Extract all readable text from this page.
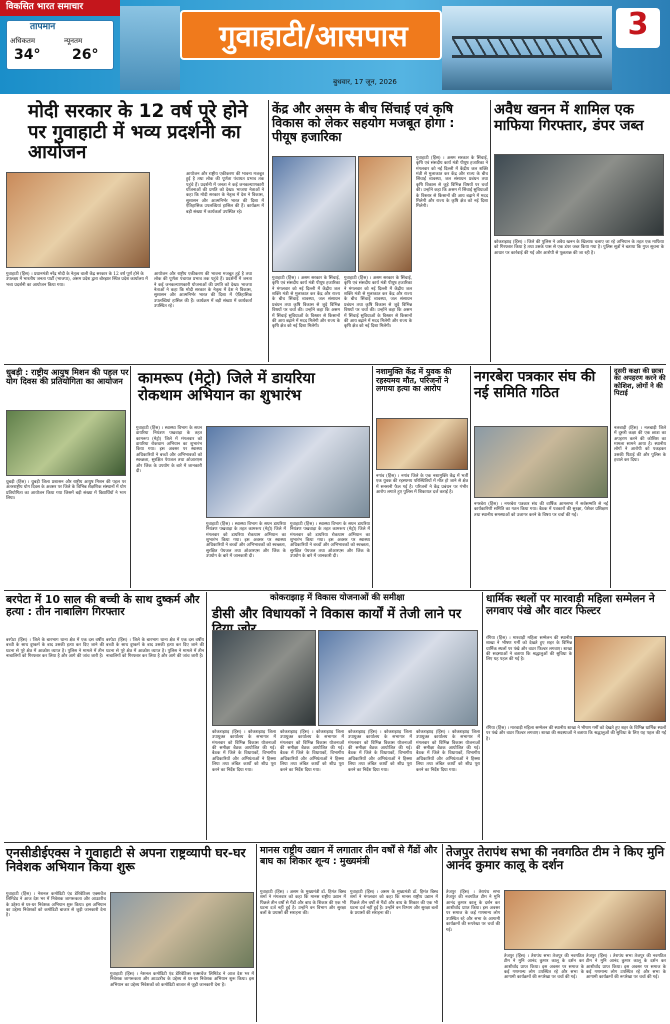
विकसित भारत समाचार
तापमान
अधिकतम	न्यूनतम
34°	26°
गुवाहाटी/आसपास	3
बुधवार, 17 जून, 2026
मोदी सरकार के 12 वर्ष पूरे होने पर गुवाहाटी में भव्य प्रदर्शनी का आयोजन
गुवाहाटी (हिंस) । प्रधानमंत्री नरेंद्र मोदी के नेतृत्व वाली केंद्र सरकार के 12 वर्ष पूर्ण होने के उपलक्ष्य में भारतीय जनता पार्टी (भाजपा), असम प्रदेश द्वारा बोरझार स्थित प्रदेश कार्यालय में भव्य प्रदर्शनी का आयोजन किया गया।
आयोजन और राष्ट्रीय एकीकरण की भावना मजबूत हुई है तथा लोक की पूर्णता पंचायत प्रभाव तक पहुंचे हैं। प्रदर्शनी में जनता ने कई जनकल्याणकारी योजनाओं की प्रगति को देखा। भाजपा नेताओं ने कहा कि मोदी सरकार के नेतृत्व में देश ने विकास, सुशासन और आत्मनिर्भर भारत की दिशा में ऐतिहासिक उपलब्धियां हासिल की हैं। कार्यक्रम में बड़ी संख्या में कार्यकर्ता उपस्थित रहे।
आयोजन और राष्ट्रीय एकीकरण की भावना मजबूत हुई है तथा लोक की पूर्णता पंचायत प्रभाव तक पहुंचे हैं। प्रदर्शनी में जनता ने कई जनकल्याणकारी योजनाओं की प्रगति को देखा। भाजपा नेताओं ने कहा कि मोदी सरकार के नेतृत्व में देश ने विकास, सुशासन और आत्मनिर्भर भारत की दिशा में ऐतिहासिक उपलब्धियां हासिल की हैं। कार्यक्रम में बड़ी संख्या में कार्यकर्ता उपस्थित रहे।
केंद्र और असम के बीच सिंचाई एवं कृषि विकास को लेकर सहयोग मजबूत होगा : पीयूष हजारिका
गुवाहाटी (हिंस) । असम सरकार के सिंचाई, कृषि एवं संसदीय कार्य मंत्री पीयूष हजारिका ने मंगलवार को नई दिल्ली में केंद्रीय जल शक्ति मंत्री से मुलाकात कर केंद्र और राज्य के बीच सिंचाई व्यवस्था, जल संसाधन प्रबंधन तथा कृषि विकास से जुड़े विभिन्न विषयों पर चर्चा की। उन्होंने कहा कि असम में सिंचाई सुविधाओं के विस्तार से किसानों की आय बढ़ाने में मदद मिलेगी और राज्य के कृषि क्षेत्र को नई दिशा मिलेगी।
गुवाहाटी (हिंस) । असम सरकार के सिंचाई, कृषि एवं संसदीय कार्य मंत्री पीयूष हजारिका ने मंगलवार को नई दिल्ली में केंद्रीय जल शक्ति मंत्री से मुलाकात कर केंद्र और राज्य के बीच सिंचाई व्यवस्था, जल संसाधन प्रबंधन तथा कृषि विकास से जुड़े विभिन्न विषयों पर चर्चा की। उन्होंने कहा कि असम में सिंचाई सुविधाओं के विस्तार से किसानों की आय बढ़ाने में मदद मिलेगी और राज्य के कृषि क्षेत्र को नई दिशा मिलेगी।
गुवाहाटी (हिंस) । असम सरकार के सिंचाई, कृषि एवं संसदीय कार्य मंत्री पीयूष हजारिका ने मंगलवार को नई दिल्ली में केंद्रीय जल शक्ति मंत्री से मुलाकात कर केंद्र और राज्य के बीच सिंचाई व्यवस्था, जल संसाधन प्रबंधन तथा कृषि विकास से जुड़े विभिन्न विषयों पर चर्चा की। उन्होंने कहा कि असम में सिंचाई सुविधाओं के विस्तार से किसानों की आय बढ़ाने में मदद मिलेगी और राज्य के कृषि क्षेत्र को नई दिशा मिलेगी।
अवैध खनन में शामिल एक माफिया गिरफ्तार, डंपर जब्त
कोकराझाड़ (हिंस) । जिले की पुलिस ने अवैध खनन के खिलाफ चलाए जा रहे अभियान के तहत एक माफिया को गिरफ्तार किया है तथा उसके पास से एक डंपर जब्त किया गया है। पुलिस सूत्रों ने बताया कि गुप्त सूचना के आधार पर कार्रवाई की गई और आरोपी से पूछताछ की जा रही है।
धुबड़ी : राष्ट्रीय आयुष मिशन की पहल पर योग दिवस की प्रतियोगिता का आयोजन
धुबड़ी (हिंस) । धुबड़ी जिला प्रशासन और राष्ट्रीय आयुष मिशन की पहल पर अंतरराष्ट्रीय योग दिवस के अवसर पर जिले के विभिन्न शैक्षणिक संस्थानों में योग प्रतियोगिता का आयोजन किया गया जिसमें बड़ी संख्या में विद्यार्थियों ने भाग लिया।
कामरूप (मेट्रो) जिले में डायरिया रोकथाम अभियान का शुभारंभ
गुवाहाटी (हिंस) । स्वास्थ्य विभाग के सघन डायरिया नियंत्रण पखवाड़ा के तहत कामरूप (मेट्रो) जिले में मंगलवार को डायरिया रोकथाम अभियान का शुभारंभ किया गया। इस अवसर पर स्वास्थ्य अधिकारियों ने बच्चों और अभिभावकों को स्वच्छता, सुरक्षित पेयजल तथा ओआरएस और जिंक के उपयोग के बारे में जानकारी दी।
गुवाहाटी (हिंस) । स्वास्थ्य विभाग के सघन डायरिया नियंत्रण पखवाड़ा के तहत कामरूप (मेट्रो) जिले में मंगलवार को डायरिया रोकथाम अभियान का शुभारंभ किया गया। इस अवसर पर स्वास्थ्य अधिकारियों ने बच्चों और अभिभावकों को स्वच्छता, सुरक्षित पेयजल तथा ओआरएस और जिंक के उपयोग के बारे में जानकारी दी।
गुवाहाटी (हिंस) । स्वास्थ्य विभाग के सघन डायरिया नियंत्रण पखवाड़ा के तहत कामरूप (मेट्रो) जिले में मंगलवार को डायरिया रोकथाम अभियान का शुभारंभ किया गया। इस अवसर पर स्वास्थ्य अधिकारियों ने बच्चों और अभिभावकों को स्वच्छता, सुरक्षित पेयजल तथा ओआरएस और जिंक के उपयोग के बारे में जानकारी दी।
नशामुक्ति केंद्र में युवक की रहस्यमय मौत, परिजनों ने लगाया हत्या का आरोप
नगांव (हिंस) । नगांव जिले के एक नशामुक्ति केंद्र में भर्ती एक युवक की रहस्यमय परिस्थितियों में मौत हो जाने से क्षेत्र में सनसनी फैल गई है। परिजनों ने केंद्र प्रबंधन पर गंभीर आरोप लगाते हुए पुलिस में शिकायत दर्ज कराई है।
नगरबेरा पत्रकार संघ की नई समिति गठित
नगरबेरा (हिंस) । नगरबेरा पत्रकार संघ की वार्षिक आमसभा में सर्वसम्मति से नई कार्यकारिणी समिति का गठन किया गया। बैठक में पत्रकारों की सुरक्षा, पेशेवर प्रशिक्षण तथा स्थानीय समस्याओं को उजागर करने के विषय पर चर्चा की गई।
दूसरी कक्षा की छात्रा का अपहरण करने की कोशिश, लोगों ने की पिटाई
नलबाड़ी (हिंस) । नलबाड़ी जिले में दूसरी कक्षा की एक छात्रा का अपहरण करने की कोशिश का मामला सामने आया है। स्थानीय लोगों ने आरोपी को पकड़कर उसकी पिटाई की और पुलिस के हवाले कर दिया।
बरपेटा में 10 साल की बच्ची के साथ दुष्कर्म और हत्या : तीन नाबालिग गिरफ्तार
बरपेटा (हिंस) । जिले के बारभाग थाना क्षेत्र में एक दस वर्षीय बच्ची के साथ दुष्कर्म के बाद उसकी हत्या कर दिए जाने की घटना से पूरे क्षेत्र में आक्रोश व्याप्त है। पुलिस ने मामले में तीन नाबालिगों को गिरफ्तार कर लिया है और आगे की जांच जारी है।
बरपेटा (हिंस) । जिले के बारभाग थाना क्षेत्र में एक दस वर्षीय बच्ची के साथ दुष्कर्म के बाद उसकी हत्या कर दिए जाने की घटना से पूरे क्षेत्र में आक्रोश व्याप्त है। पुलिस ने मामले में तीन नाबालिगों को गिरफ्तार कर लिया है और आगे की जांच जारी है।
कोकराझाड़ में विकास योजनाओं की समीक्षा
डीसी और विधायकों ने विकास कार्यों में तेजी लाने पर
कोकराझाड़ (हिंस) । कोकराझाड़ जिला उपायुक्त कार्यालय के सभागार में मंगलवार को विभिन्न विकास योजनाओं की समीक्षा बैठक आयोजित की गई। बैठक में जिले के विधायकों, विभागीय अधिकारियों और अभियंताओं ने हिस्सा लिया तथा लंबित कार्यों को शीघ्र पूरा करने का निर्देश दिया गया।
कोकराझाड़ (हिंस) । कोकराझाड़ जिला उपायुक्त कार्यालय के सभागार में मंगलवार को विभिन्न विकास योजनाओं की समीक्षा बैठक आयोजित की गई। बैठक में जिले के विधायकों, विभागीय अधिकारियों और अभियंताओं ने हिस्सा लिया तथा लंबित कार्यों को शीघ्र पूरा करने का निर्देश दिया गया।
कोकराझाड़ (हिंस) । कोकराझाड़ जिला उपायुक्त कार्यालय के सभागार में मंगलवार को विभिन्न विकास योजनाओं की समीक्षा बैठक आयोजित की गई। बैठक में जिले के विधायकों, विभागीय अधिकारियों और अभियंताओं ने हिस्सा लिया तथा लंबित कार्यों को शीघ्र पूरा करने का निर्देश दिया गया।
कोकराझाड़ (हिंस) । कोकराझाड़ जिला उपायुक्त कार्यालय के सभागार में मंगलवार को विभिन्न विकास योजनाओं की समीक्षा बैठक आयोजित की गई। बैठक में जिले के विधायकों, विभागीय अधिकारियों और अभियंताओं ने हिस्सा लिया तथा लंबित कार्यों को शीघ्र पूरा करने का निर्देश दिया गया।
धार्मिक स्थलों पर मारवाड़ी महिला सम्मेलन ने लगवाए पंखे और वाटर फिल्टर
रंगिया (हिंस) । मारवाड़ी महिला सम्मेलन की स्थानीय शाखा ने भीषण गर्मी को देखते हुए शहर के विभिन्न धार्मिक स्थलों पर पंखे और वाटर फिल्टर लगवाए। शाखा की सदस्याओं ने बताया कि श्रद्धालुओं की सुविधा के लिए यह पहल की गई है।
रंगिया (हिंस) । मारवाड़ी महिला सम्मेलन की स्थानीय शाखा ने भीषण गर्मी को देखते हुए शहर के विभिन्न धार्मिक स्थलों पर पंखे और वाटर फिल्टर लगवाए। शाखा की सदस्याओं ने बताया कि श्रद्धालुओं की सुविधा के लिए यह पहल की गई है।
एनसीडीईएक्स ने गुवाहाटी से अपना राष्ट्रव्यापी घर-घर निवेशक अभियान किया शुरू
गुवाहाटी (हिंस) । नेशनल कमोडिटी एंड डेरिवेटिव्स एक्सचेंज लिमिटेड ने आज देश भर में निवेशक जागरूकता और आउटरीच के उद्देश्य से घर-घर निवेशक अभियान शुरू किया। इस अभियान का उद्देश्य निवेशकों को कमोडिटी बाजार से जुड़ी जानकारी देना है।
गुवाहाटी (हिंस) । नेशनल कमोडिटी एंड डेरिवेटिव्स एक्सचेंज लिमिटेड ने आज देश भर में निवेशक जागरूकता और आउटरीच के उद्देश्य से घर-घर निवेशक अभियान शुरू किया। इस अभियान का उद्देश्य निवेशकों को कमोडिटी बाजार से जुड़ी जानकारी देना है।
मानस राष्ट्रीय उद्यान में लगातार तीन वर्षों से गैंडों और बाघ का शिकार शून्य : मुख्यमंत्री
गुवाहाटी (हिंस) । असम के मुख्यमंत्री डॉ. हिमंत बिस्व शर्मा ने मंगलवार को कहा कि मानस राष्ट्रीय उद्यान में पिछले तीन वर्षों से गैंडों और बाघ के शिकार की एक भी घटना दर्ज नहीं हुई है। उन्होंने वन विभाग और सुरक्षा बलों के प्रयासों की सराहना की।
गुवाहाटी (हिंस) । असम के मुख्यमंत्री डॉ. हिमंत बिस्व शर्मा ने मंगलवार को कहा कि मानस राष्ट्रीय उद्यान में पिछले तीन वर्षों से गैंडों और बाघ के शिकार की एक भी घटना दर्ज नहीं हुई है। उन्होंने वन विभाग और सुरक्षा बलों के प्रयासों की सराहना की।
तेजपुर तेरापंथ सभा की नवगठित टीम ने किए मुनि आनंद कुमार कालू के दर्शन
तेजपुर (हिंस) । तेरापंथ सभा तेजपुर की नवगठित टीम ने मुनि आनंद कुमार कालू के दर्शन कर आशीर्वाद प्राप्त किया। इस अवसर पर समाज के कई गणमान्य लोग उपस्थित रहे और सभा के आगामी कार्यक्रमों की रूपरेखा पर चर्चा की गई।
तेजपुर (हिंस) । तेरापंथ सभा तेजपुर की नवगठित टीम ने मुनि आनंद कुमार कालू के दर्शन कर आशीर्वाद प्राप्त किया। इस अवसर पर समाज के कई गणमान्य लोग उपस्थित रहे और सभा के आगामी कार्यक्रमों की रूपरेखा पर चर्चा की गई।
तेजपुर (हिंस) । तेरापंथ सभा तेजपुर की नवगठित टीम ने मुनि आनंद कुमार कालू के दर्शन कर आशीर्वाद प्राप्त किया। इस अवसर पर समाज के कई गणमान्य लोग उपस्थित रहे और सभा के आगामी कार्यक्रमों की रूपरेखा पर चर्चा की गई।
